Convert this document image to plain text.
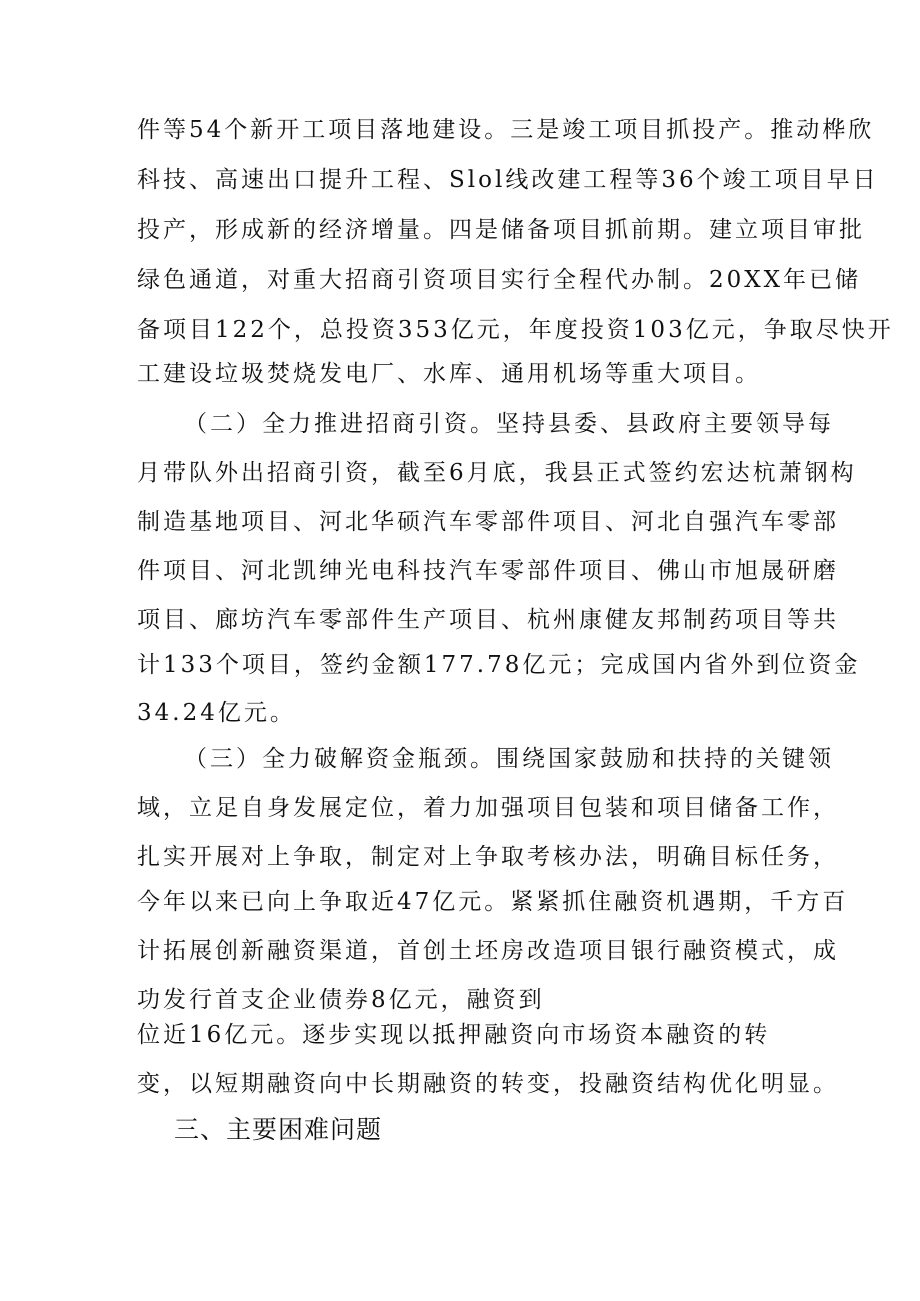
件等54个新开工项目落地建设。三是竣工项目抓投产。推动桦欣
科技、高速出口提升工程、Slol线改建工程等36个竣工项目早日
投产，形成新的经济增量。四是储备项目抓前期。建立项目审批
绿色通道，对重大招商引资项目实行全程代办制。20XX年已储
备项目122个，总投资353亿元，年度投资103亿元，争取尽快开
工建设垃圾焚烧发电厂、水库、通用机场等重大项目。
（二）全力推进招商引资。坚持县委、县政府主要领导每
月带队外出招商引资，截至6月底，我县正式签约宏达杭萧钢构
制造基地项目、河北华硕汽车零部件项目、河北自强汽车零部
件项目、河北凯绅光电科技汽车零部件项目、佛山市旭晟研磨
项目、廊坊汽车零部件生产项目、杭州康健友邦制药项目等共
计133个项目，签约金额177.78亿元；完成国内省外到位资金
34.24亿元。
（三）全力破解资金瓶颈。围绕国家鼓励和扶持的关键领
域，立足自身发展定位，着力加强项目包装和项目储备工作，
扎实开展对上争取，制定对上争取考核办法，明确目标任务，
今年以来已向上争取近47亿元。紧紧抓住融资机遇期，千方百
计拓展创新融资渠道，首创土坯房改造项目银行融资模式，成
功发行首支企业债券8亿元，融资到
位近16亿元。逐步实现以抵押融资向市场资本融资的转
变，以短期融资向中长期融资的转变，投融资结构优化明显。
三、主要困难问题
